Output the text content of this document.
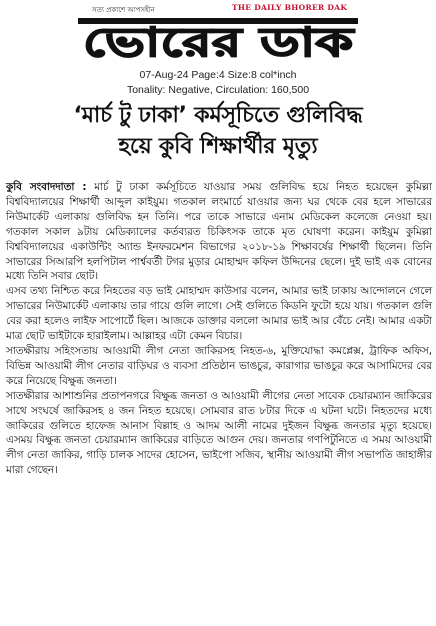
সত্য প্রকাশে আপসহীন	THE DAILY BHORER DAK
ভোরের ডাক
07-Aug-24 Page:4 Size:8 col*inch
Tonality: Negative, Circulation: 160,500
‘মার্চ টু ঢাকা’ কর্মসূচিতে গুলিবিদ্ধ
হয়ে কুবি শিক্ষার্থীর মৃত্যু

কুবি সংবাদদাতা : মার্চ টু ঢাকা কর্মসূচিতে যাওয়ার সময় গুলিবিদ্ধ হয়ে নিহত হয়েছেন কুমিল্লা বিশ্ববিদ্যালয়ের শিক্ষার্থী আব্দুল কাইয়ুম। গতকাল লংমার্চে যাওয়ার জন্য ঘর থেকে বের হলে সাভারের নিউমার্কেট এলাকায় গুলিবিদ্ধ হন তিনি। পরে তাকে সাভারে এনাম মেডিকেল কলেজে নেওয়া হয়। গতকাল সকাল ৯টায় মেডিক্যালের কর্তব্যরত চিকিৎসক তাকে মৃত ঘোষণা করেন। কাইয়ুম কুমিল্লা বিশ্ববিদ্যালয়ের একাউন্টিং অ্যান্ড ইনফরমেশন বিভাগের ২০১৮-১৯ শিক্ষাবর্ষের শিক্ষার্থী ছিলেন। তিনি সাভারের সিআরপি হলপিটাল পার্শ্ববর্তী টগর মুড়ার মোহাম্মদ কফিল উদ্দিনের ছেলে। দুই ভাই এক বোনের মধ্যে তিনি সবার ছোট।

এসব তথ্য নিশ্চিত করে নিহতের বড় ভাই মোহাম্মদ কাউসার বলেন, আমার ভাই ঢাকায় আন্দোলনে গেলে সাভারের নিউমার্কেট এলাকায় তার গায়ে গুলি লাগে। সেই গুলিতে কিডনি ফুটো হয়ে যায়। গতকাল গুলি বের করা হলেও লাইফ সাপোর্টে ছিল। আজকে ডাক্তার বললো আমার ভাই আর বেঁচে নেই। আমার একটা মাত্র ছোট ভাইটাকে হারাইলাম। আল্লাহর এটা কেমন বিচার।

সাতক্ষীরায় সহিংসতায় আওয়ামী লীগ নেতা জাকিরসহ নিহত-৬, মুক্তিযোদ্ধা কমপ্লেক্স, ট্রাফিক অফিস, বিভিন্ন আওয়ামী লীগ নেতার বাড়িঘর ও ব্যবসা প্রতিষ্ঠান ভাঙচুর, কারাগার ভাঙচুর করে আসামিদের বের করে নিয়েছে বিক্ষুব্ধ জনতা।

সাতক্ষীরার আশাশুনির প্রতাপনগরে বিক্ষুব্ধ জনতা ও আওয়ামী লীগের নেতা সাবেক চেয়ারম্যান জাকিরের সাথে সংঘর্ষে জাকিরসহ ৪ জন নিহত হয়েছে। সোমবার রাত ৮টার দিকে এ ঘটনা ঘটে। নিহতদের মধ্যে জাকিরের গুলিতে হাফেজ আনাস বিল্লাহ ও আদম আলী নামের দুইজন বিক্ষুব্ধ জনতার মৃত্যু হয়েছে। এসময় বিক্ষুব্ধ জনতা চেয়ারম্যান জাকিরের বাড়িতে আগুন দেয়। জনতার গণপিটুনিতে এ সময় আওয়ামী লীগ নেতা জাকির, গাড়ি চালক সাদের হোসেন, ভাইপো সজিব, স্থানীয় আওয়ামী লীগ সভাপতি জাহাঙ্গীর মারা গেছেন।
